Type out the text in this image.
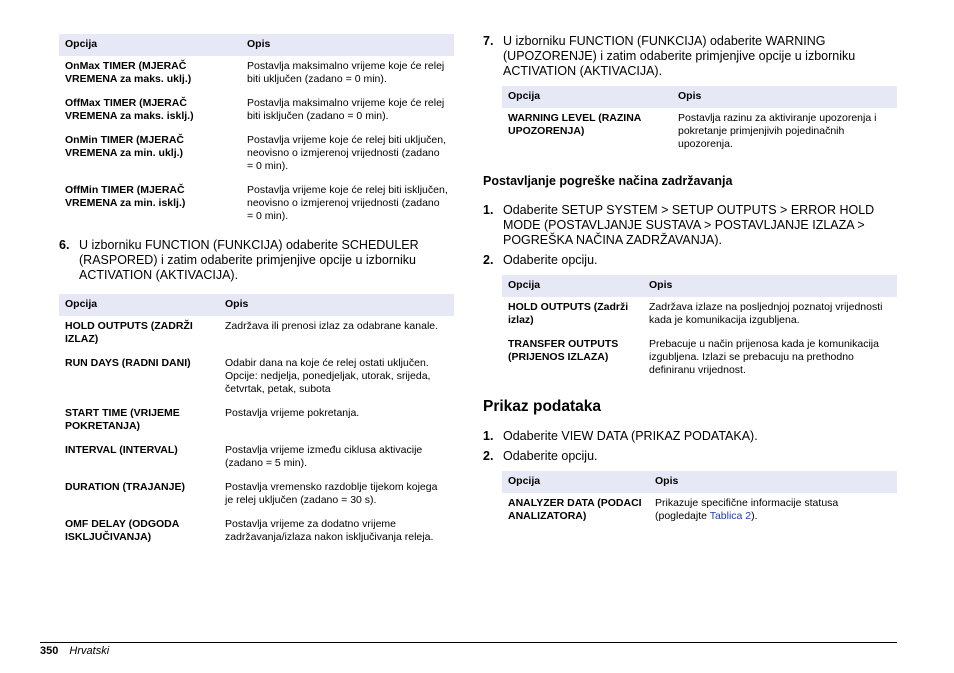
Opcija	Opis
OnMax TIMER (MJERAČ VREMENA za maks. uklj.)	Postavlja maksimalno vrijeme koje će relej biti uključen (zadano = 0 min).
OffMax TIMER (MJERAČ VREMENA za maks. isklj.)	Postavlja maksimalno vrijeme koje će relej biti isključen (zadano = 0 min).
OnMin TIMER (MJERAČ VREMENA za min. uklj.)	Postavlja vrijeme koje će relej biti uključen, neovisno o izmjerenoj vrijednosti (zadano = 0 min).
OffMin TIMER (MJERAČ VREMENA za min. isklj.)	Postavlja vrijeme koje će relej biti isključen, neovisno o izmjerenoj vrijednosti (zadano = 0 min).
6. U izborniku FUNCTION (FUNKCIJA) odaberite SCHEDULER (RASPORED) i zatim odaberite primjenjive opcije u izborniku ACTIVATION (AKTIVACIJA).
Opcija	Opis
HOLD OUTPUTS (ZADRŽI IZLAZ)	Zadržava ili prenosi izlaz za odabrane kanale.
RUN DAYS (RADNI DANI)	Odabir dana na koje će relej ostati uključen. Opcije: nedjelja, ponedjeljak, utorak, srijeda, četvrtak, petak, subota
START TIME (VRIJEME POKRETANJA)	Postavlja vrijeme pokretanja.
INTERVAL (INTERVAL)	Postavlja vrijeme između ciklusa aktivacije (zadano = 5 min).
DURATION (TRAJANJE)	Postavlja vremensko razdoblje tijekom kojega je relej uključen (zadano = 30 s).
OMF DELAY (ODGODA ISKLJUČIVANJA)	Postavlja vrijeme za dodatno vrijeme zadržavanja/izlaza nakon isključivanja releja.
7. U izborniku FUNCTION (FUNKCIJA) odaberite WARNING (UPOZORENJE) i zatim odaberite primjenjive opcije u izborniku ACTIVATION (AKTIVACIJA).
Opcija	Opis
WARNING LEVEL (RAZINA UPOZORENJA)	Postavlja razinu za aktiviranje upozorenja i pokretanje primjenjivih pojedinačnih upozorenja.
Postavljanje pogreške načina zadržavanja
1. Odaberite SETUP SYSTEM > SETUP OUTPUTS > ERROR HOLD MODE (POSTAVLJANJE SUSTAVA > POSTAVLJANJE IZLAZA > POGREŠKA NAČINA ZADRŽAVANJA).
2. Odaberite opciju.
Opcija	Opis
HOLD OUTPUTS (Zadrži izlaz)	Zadržava izlaze na posljednjoj poznatoj vrijednosti kada je komunikacija izgubljena.
TRANSFER OUTPUTS (PRIJENOS IZLAZA)	Prebacuje u način prijenosa kada je komunikacija izgubljena. Izlazi se prebacuju na prethodno definiranu vrijednost.
Prikaz podataka
1. Odaberite VIEW DATA (PRIKAZ PODATAKA).
2. Odaberite opciju.
Opcija	Opis
ANALYZER DATA (PODACI ANALIZATORA)	Prikazuje specifične informacije statusa (pogledajte Tablica 2).
350 Hrvatski
